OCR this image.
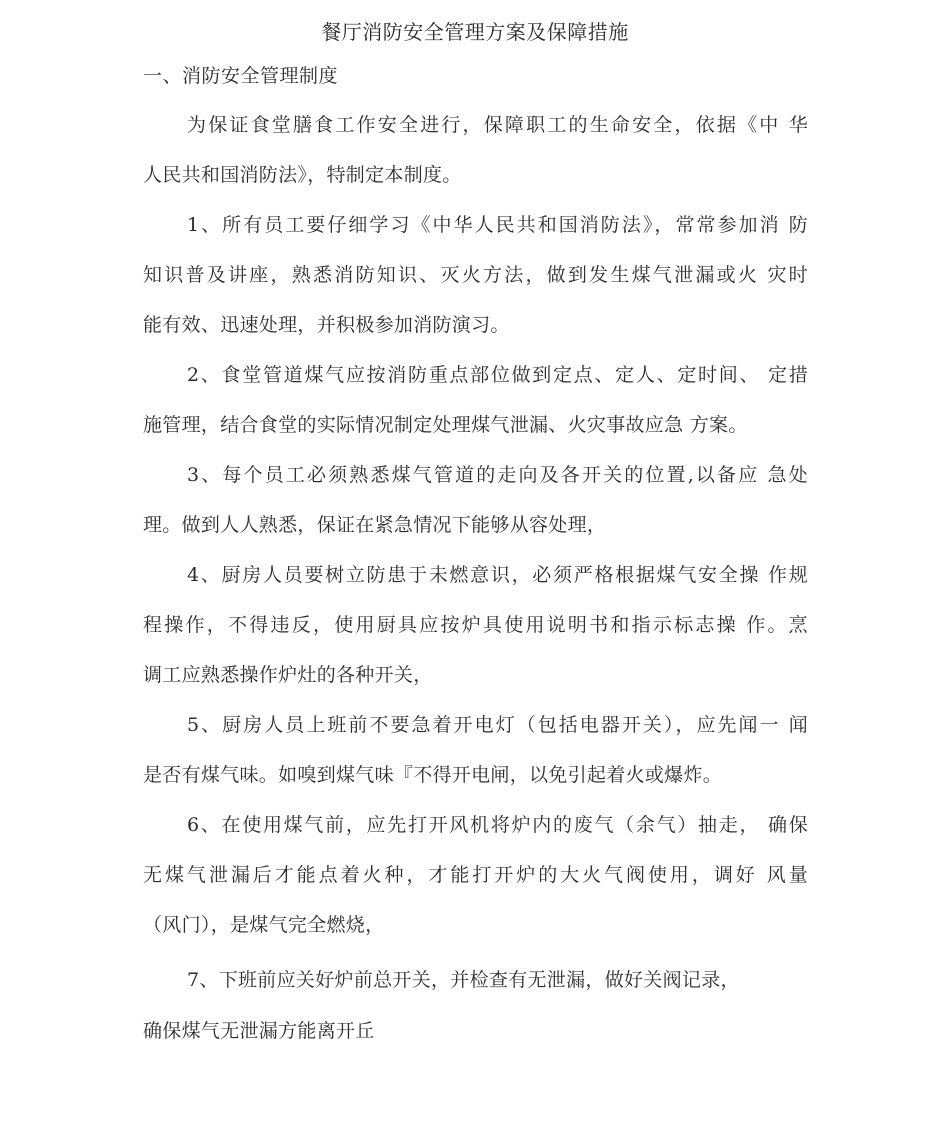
餐厅消防安全管理方案及保障措施
一、消防安全管理制度

为保证食堂膳食工作安全进行，保障职工的生命安全，依据《中 华

人民共和国消防法》，特制定本制度。

1、所有员工要仔细学习《中华人民共和国消防法》，常常参加消 防

知识普及讲座，熟悉消防知识、灭火方法，做到发生煤气泄漏或火 灾时

能有效、迅速处理，并积极参加消防演习。

2、食堂管道煤气应按消防重点部位做到定点、定人、定时间、 定措

施管理，结合食堂的实际情况制定处理煤气泄漏、火灾事故应急 方案。

3、每个员工必须熟悉煤气管道的走向及各开关的位置,以备应 急处

理。做到人人熟悉，保证在紧急情况下能够从容处理，

4、厨房人员要树立防患于未燃意识，必须严格根据煤气安全操 作规

程操作，不得违反，使用厨具应按炉具使用说明书和指示标志操 作。烹

调工应熟悉操作炉灶的各种开关，

5、厨房人员上班前不要急着开电灯（包括电器开关），应先闻一 闻

是否有煤气味。如嗅到煤气味『不得开电闸，以免引起着火或爆炸。

6、在使用煤气前，应先打开风机将炉内的废气（余气）抽走， 确保

无煤气泄漏后才能点着火种，才能打开炉的大火气阀使用，调好 风量

（风门），是煤气完全燃烧，

7、下班前应关好炉前总开关，并检查有无泄漏，做好关阀记录，

确保煤气无泄漏方能离开丘
